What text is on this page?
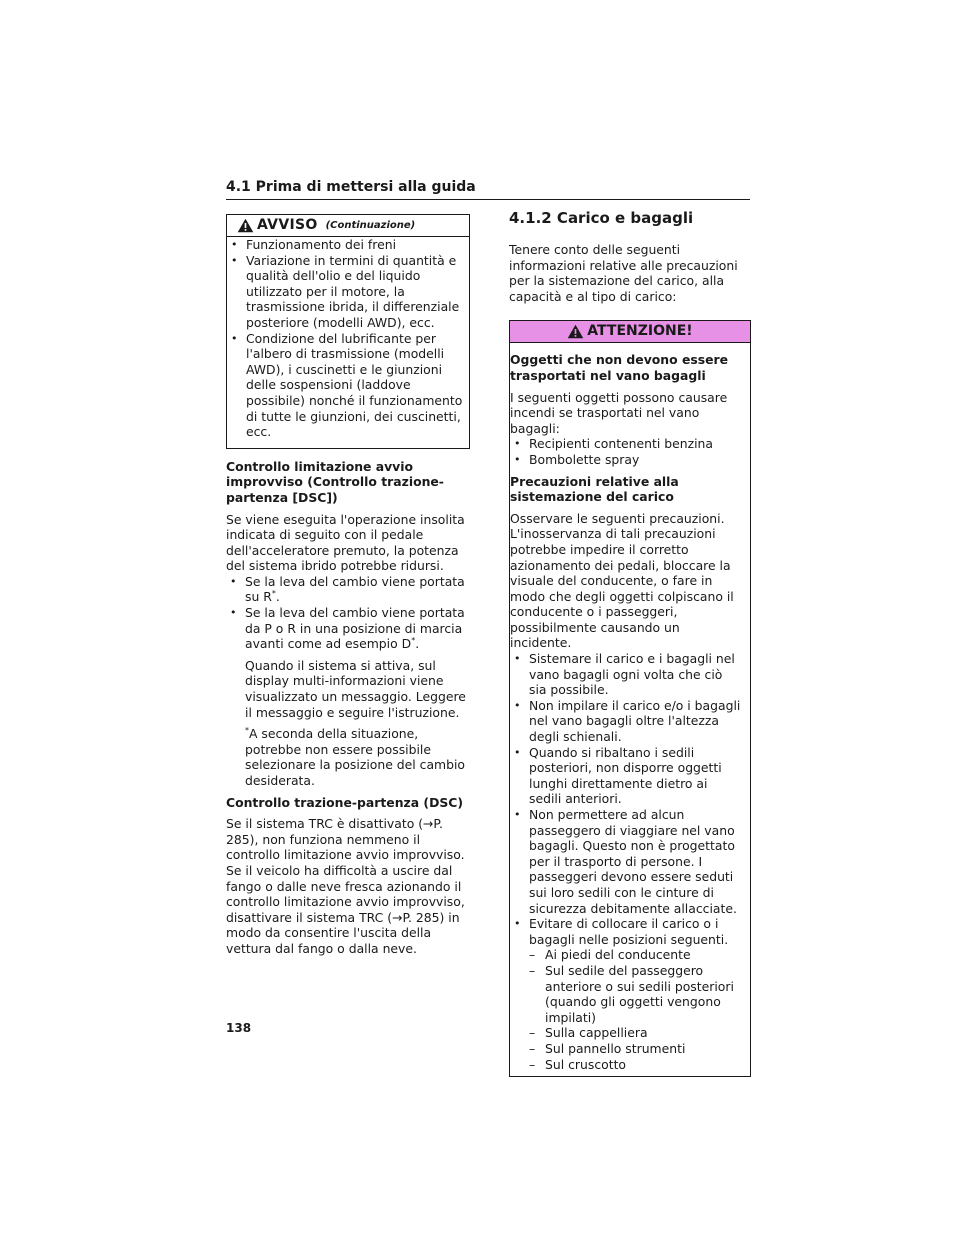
4.1 Prima di mettersi alla guida
AVVISO (Continuazione)
• Funzionamento dei freni
• Variazione in termini di quantità e qualità dell'olio e del liquido utilizzato per il motore, la trasmissione ibrida, il differenziale posteriore (modelli AWD), ecc.
• Condizione del lubrificante per l'albero di trasmissione (modelli AWD), i cuscinetti e le giunzioni delle sospensioni (laddove possibile) nonché il funzionamento di tutte le giunzioni, dei cuscinetti, ecc.

Controllo limitazione avvio improvviso (Controllo trazione-partenza [DSC])

Se viene eseguita l'operazione insolita indicata di seguito con il pedale dell'acceleratore premuto, la potenza del sistema ibrido potrebbe ridursi.

• Se la leva del cambio viene portata su R*.
• Se la leva del cambio viene portata da P o R in una posizione di marcia avanti come ad esempio D*.

Quando il sistema si attiva, sul display multi-informazioni viene visualizzato un messaggio. Leggere il messaggio e seguire l'istruzione.

*A seconda della situazione, potrebbe non essere possibile selezionare la posizione del cambio desiderata.

Controllo trazione-partenza (DSC)

Se il sistema TRC è disattivato (→P. 285), non funziona nemmeno il controllo limitazione avvio improvviso. Se il veicolo ha difficoltà a uscire dal fango o dalle neve fresca azionando il controllo limitazione avvio improvviso, disattivare il sistema TRC (→P. 285) in modo da consentire l'uscita della vettura dal fango o dalla neve.

4.1.2 Carico e bagagli

Tenere conto delle seguenti informazioni relative alle precauzioni per la sistemazione del carico, alla capacità e al tipo di carico:

ATTENZIONE!

Oggetti che non devono essere trasportati nel vano bagagli

I seguenti oggetti possono causare incendi se trasportati nel vano bagagli:

• Recipienti contenenti benzina
• Bombolette spray

Precauzioni relative alla sistemazione del carico

Osservare le seguenti precauzioni. L'inosservanza di tali precauzioni potrebbe impedire il corretto azionamento dei pedali, bloccare la visuale del conducente, o fare in modo che degli oggetti colpiscano il conducente o i passeggeri, possibilmente causando un incidente.

• Sistemare il carico e i bagagli nel vano bagagli ogni volta che ciò sia possibile.
• Non impilare il carico e/o i bagagli nel vano bagagli oltre l'altezza degli schienali.
• Quando si ribaltano i sedili posteriori, non disporre oggetti lunghi direttamente dietro ai sedili anteriori.
• Non permettere ad alcun passeggero di viaggiare nel vano bagagli. Questo non è progettato per il trasporto di persone. I passeggeri devono essere seduti sui loro sedili con le cinture di sicurezza debitamente allacciate.
• Evitare di collocare il carico o i bagagli nelle posizioni seguenti.
– Ai piedi del conducente
– Sul sedile del passeggero anteriore o sui sedili posteriori (quando gli oggetti vengono impilati)
– Sulla cappelliera
– Sul pannello strumenti
– Sul cruscotto
138
